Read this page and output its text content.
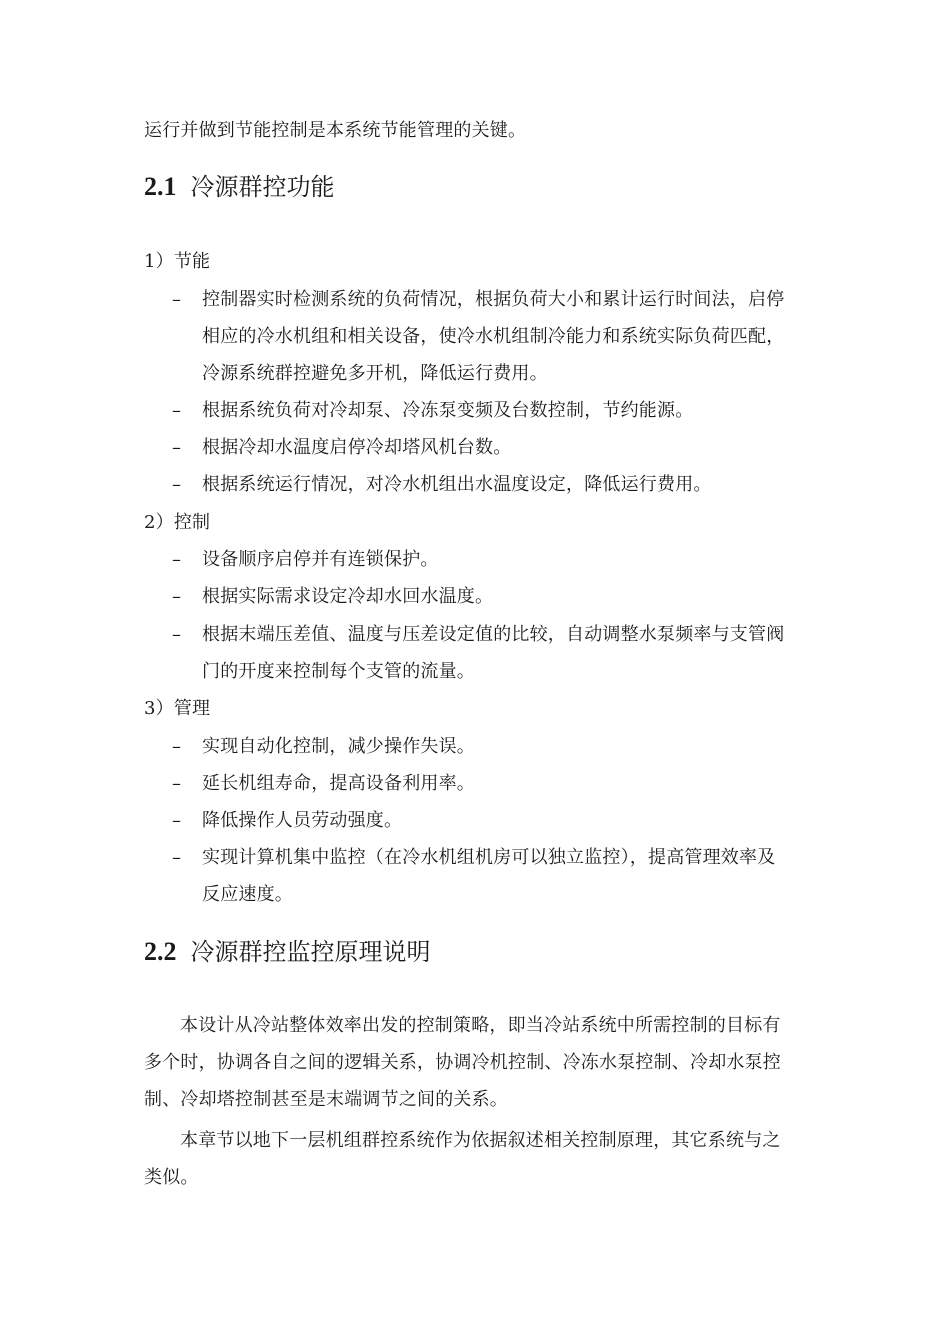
运行并做到节能控制是本系统节能管理的关键。
2.1 冷源群控功能
1）节能
– 控制器实时检测系统的负荷情况，根据负荷大小和累计运行时间法，启停
相应的冷水机组和相关设备，使冷水机组制冷能力和系统实际负荷匹配，
冷源系统群控避免多开机，降低运行费用。
– 根据系统负荷对冷却泵、冷冻泵变频及台数控制，节约能源。
– 根据冷却水温度启停冷却塔风机台数。
– 根据系统运行情况，对冷水机组出水温度设定，降低运行费用。
2）控制
– 设备顺序启停并有连锁保护。
– 根据实际需求设定冷却水回水温度。
– 根据末端压差值、温度与压差设定值的比较，自动调整水泵频率与支管阀
门的开度来控制每个支管的流量。
3）管理
– 实现自动化控制，减少操作失误。
– 延长机组寿命，提高设备利用率。
– 降低操作人员劳动强度。
– 实现计算机集中监控（在冷水机组机房可以独立监控），提高管理效率及
反应速度。
2.2 冷源群控监控原理说明
本设计从冷站整体效率出发的控制策略，即当冷站系统中所需控制的目标有
多个时，协调各自之间的逻辑关系，协调冷机控制、冷冻水泵控制、冷却水泵控
制、冷却塔控制甚至是末端调节之间的关系。
本章节以地下一层机组群控系统作为依据叙述相关控制原理，其它系统与之
类似。
